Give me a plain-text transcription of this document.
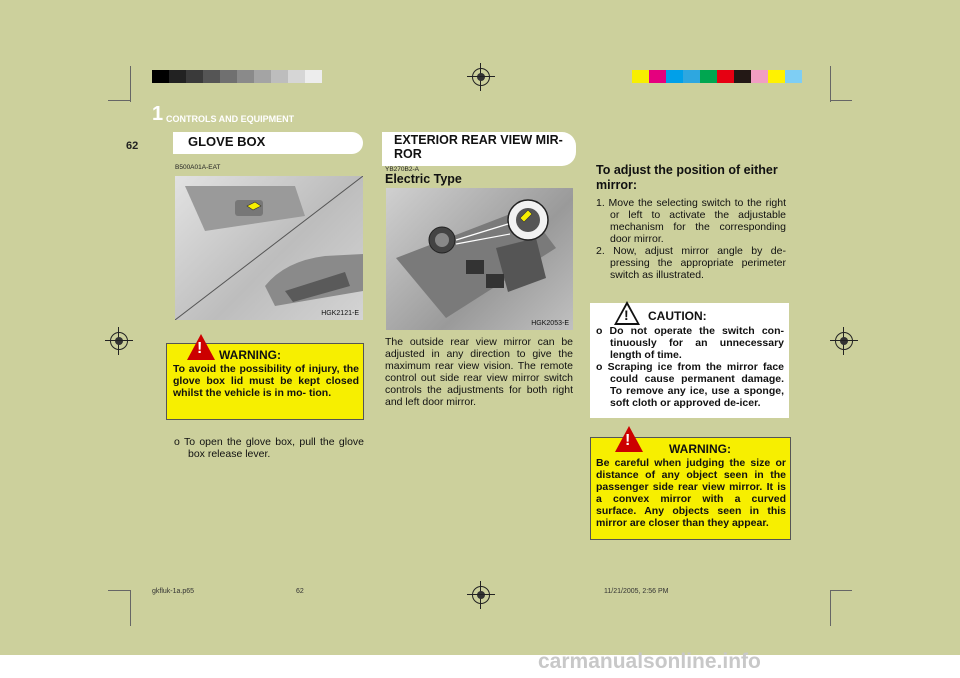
1 CONTROLS AND EQUIPMENT
62	GLOVE BOX
B500A01A-EAT
HGK2121-E
! WARNING:
To avoid the possibility of injury, the glove box lid must be kept closed whilst the vehicle is in mo- tion.
o To open the glove box, pull the glove box release lever.
EXTERIOR REAR VIEW MIR- ROR
YB270B2-A
Electric Type
HGK2053-E
The outside rear view mirror can be adjusted in any direction to give the maximum rear view vision. The remote control out side rear view mirror switch controls the adjustments for both right and left door mirror.
To adjust the position of either mirror:
1. Move the selecting switch to the right or left to activate the adjustable mechanism for the corresponding door mirror.
2. Now, adjust mirror angle by de- pressing the appropriate perimeter switch as illustrated.
! CAUTION:
o Do not operate the switch con- tinuously for an unnecessary length of time.
o Scraping ice from the mirror face could cause permanent damage. To remove any ice, use a sponge, soft cloth or approved de-icer.
!	WARNING:
Be careful when judging the size or distance of any object seen in the passenger side rear view mirror. It is a convex mirror with a curved surface. Any objects seen in this mirror are closer than they appear.
gkfluk-1a.p65	62	11/21/2005, 2:56 PM
carmanualsonline.info
